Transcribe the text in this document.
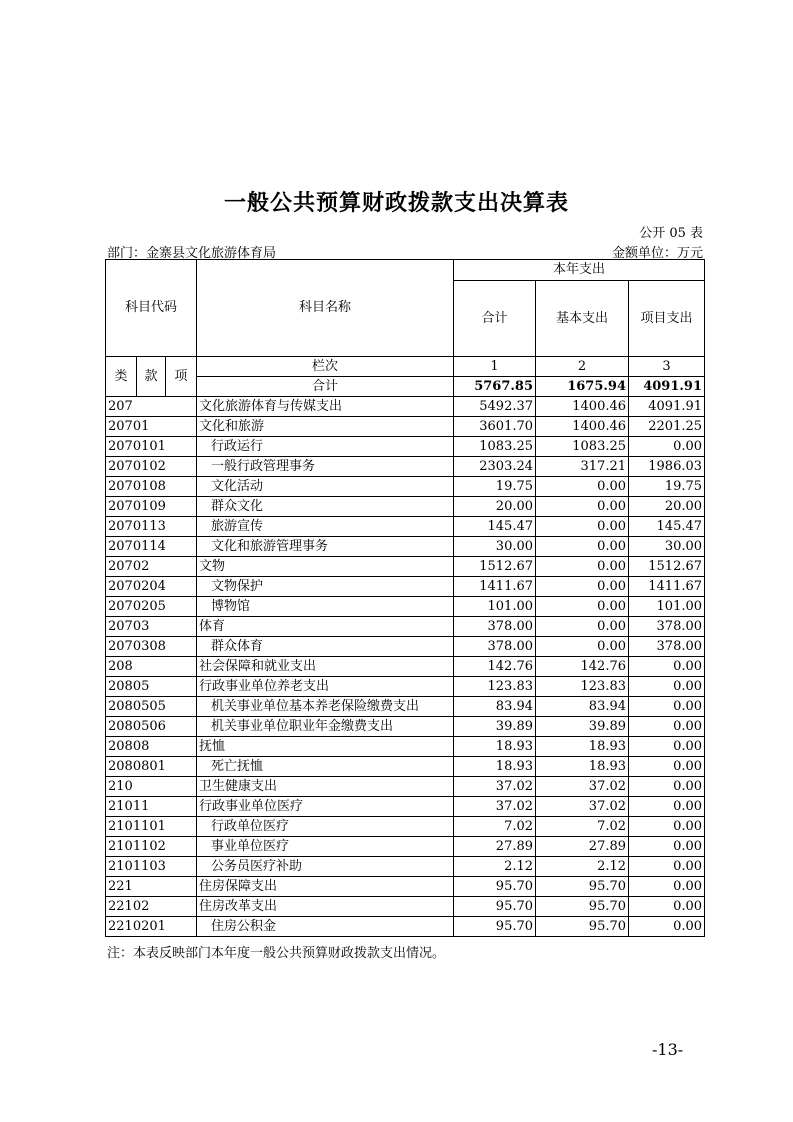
一般公共预算财政拨款支出决算表
公开 05 表
部门：金寨县文化旅游体育局	金额单位：万元
科目代码			科目名称	本年支出		
				合计	基本支出	项目支出
类	款	项	栏次	1	2	3
			合计	5767.85	1675.94	4091.91
207			文化旅游体育与传媒支出	5492.37	1400.46	4091.91
20701			文化和旅游	3601.70	1400.46	2201.25
2070101			行政运行	1083.25	1083.25	0.00
2070102			一般行政管理事务	2303.24	317.21	1986.03
2070108			文化活动	19.75	0.00	19.75
2070109			群众文化	20.00	0.00	20.00
2070113			旅游宣传	145.47	0.00	145.47
2070114			文化和旅游管理事务	30.00	0.00	30.00
20702			文物	1512.67	0.00	1512.67
2070204			文物保护	1411.67	0.00	1411.67
2070205			博物馆	101.00	0.00	101.00
20703			体育	378.00	0.00	378.00
2070308			群众体育	378.00	0.00	378.00
208			社会保障和就业支出	142.76	142.76	0.00
20805			行政事业单位养老支出	123.83	123.83	0.00
2080505			机关事业单位基本养老保险缴费支出	83.94	83.94	0.00
2080506			机关事业单位职业年金缴费支出	39.89	39.89	0.00
20808			抚恤	18.93	18.93	0.00
2080801			死亡抚恤	18.93	18.93	0.00
210			卫生健康支出	37.02	37.02	0.00
21011			行政事业单位医疗	37.02	37.02	0.00
2101101			行政单位医疗	7.02	7.02	0.00
2101102			事业单位医疗	27.89	27.89	0.00
2101103			公务员医疗补助	2.12	2.12	0.00
221			住房保障支出	95.70	95.70	0.00
22102			住房改革支出	95.70	95.70	0.00
2210201			住房公积金	95.70	95.70	0.00
注：本表反映部门本年度一般公共预算财政拨款支出情况。
-13-
